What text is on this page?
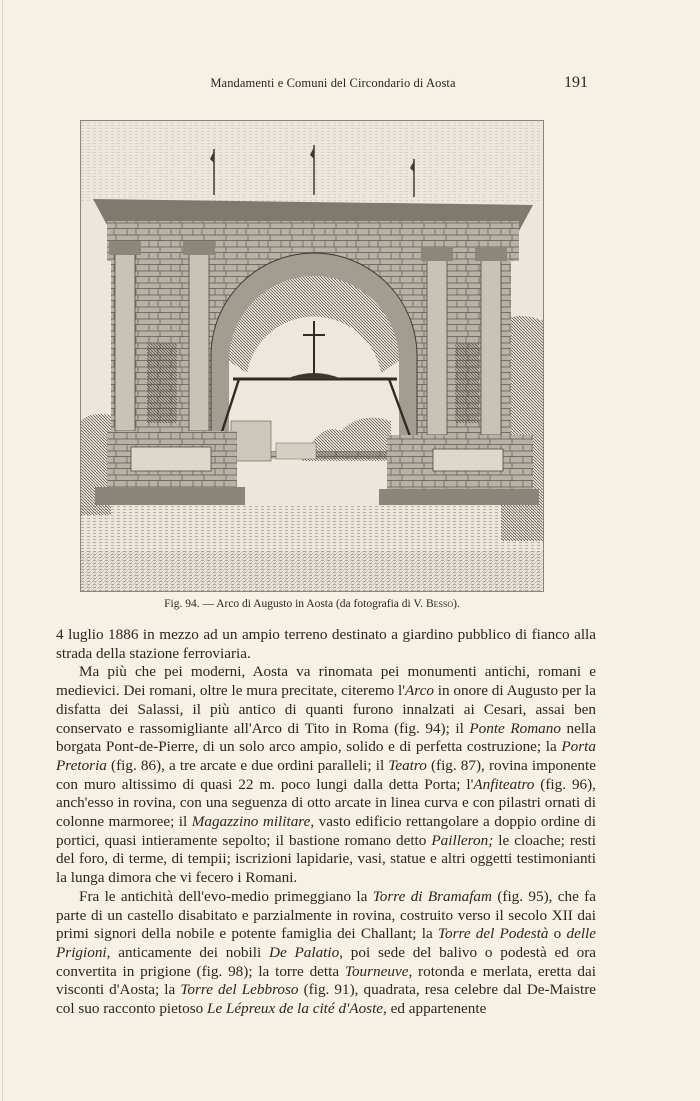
Mandamenti e Comuni del Circondario di Aosta	191
Fig. 94. — Arco di Augusto in Aosta (da fotografia di V. Besso).

4 luglio 1886 in mezzo ad un ampio terreno destinato a giardino pubblico di fianco alla strada della stazione ferroviaria.

Ma più che pei moderni, Aosta va rinomata pei monumenti antichi, romani e medievici. Dei romani, oltre le mura precitate, citeremo l'Arco in onore di Augusto per la disfatta dei Salassi, il più antico di quanti furono innalzati ai Cesari, assai ben conservato e rassomigliante all'Arco di Tito in Roma (fig. 94); il Ponte Romano nella borgata Pont-de-Pierre, di un solo arco ampio, solido e di perfetta costruzione; la Porta Pretoria (fig. 86), a tre arcate e due ordini paralleli; il Teatro (fig. 87), rovina imponente con muro altissimo di quasi 22 m. poco lungi dalla detta Porta; l'Anfiteatro (fig. 96), anch'esso in rovina, con una seguenza di otto arcate in linea curva e con pilastri ornati di colonne marmoree; il Magazzino militare, vasto edificio rettangolare a doppio ordine di portici, quasi intieramente sepolto; il bastione romano detto Pailleron; le cloache; resti del foro, di terme, di tempii; iscrizioni lapidarie, vasi, statue e altri oggetti testimonianti la lunga dimora che vi fecero i Romani.

Fra le antichità dell'evo-medio primeggiano la Torre di Bramafam (fig. 95), che fa parte di un castello disabitato e parzialmente in rovina, costruito verso il secolo XII dai primi signori della nobile e potente famiglia dei Challant; la Torre del Podestà o delle Prigioni, anticamente dei nobili De Palatio, poi sede del balivo o podestà ed ora convertita in prigione (fig. 98); la torre detta Tourneuve, rotonda e merlata, eretta dai visconti d'Aosta; la Torre del Lebbroso (fig. 91), quadrata, resa celebre dal De-Maistre col suo racconto pietoso Le Lépreux de la cité d'Aoste, ed appartenente
